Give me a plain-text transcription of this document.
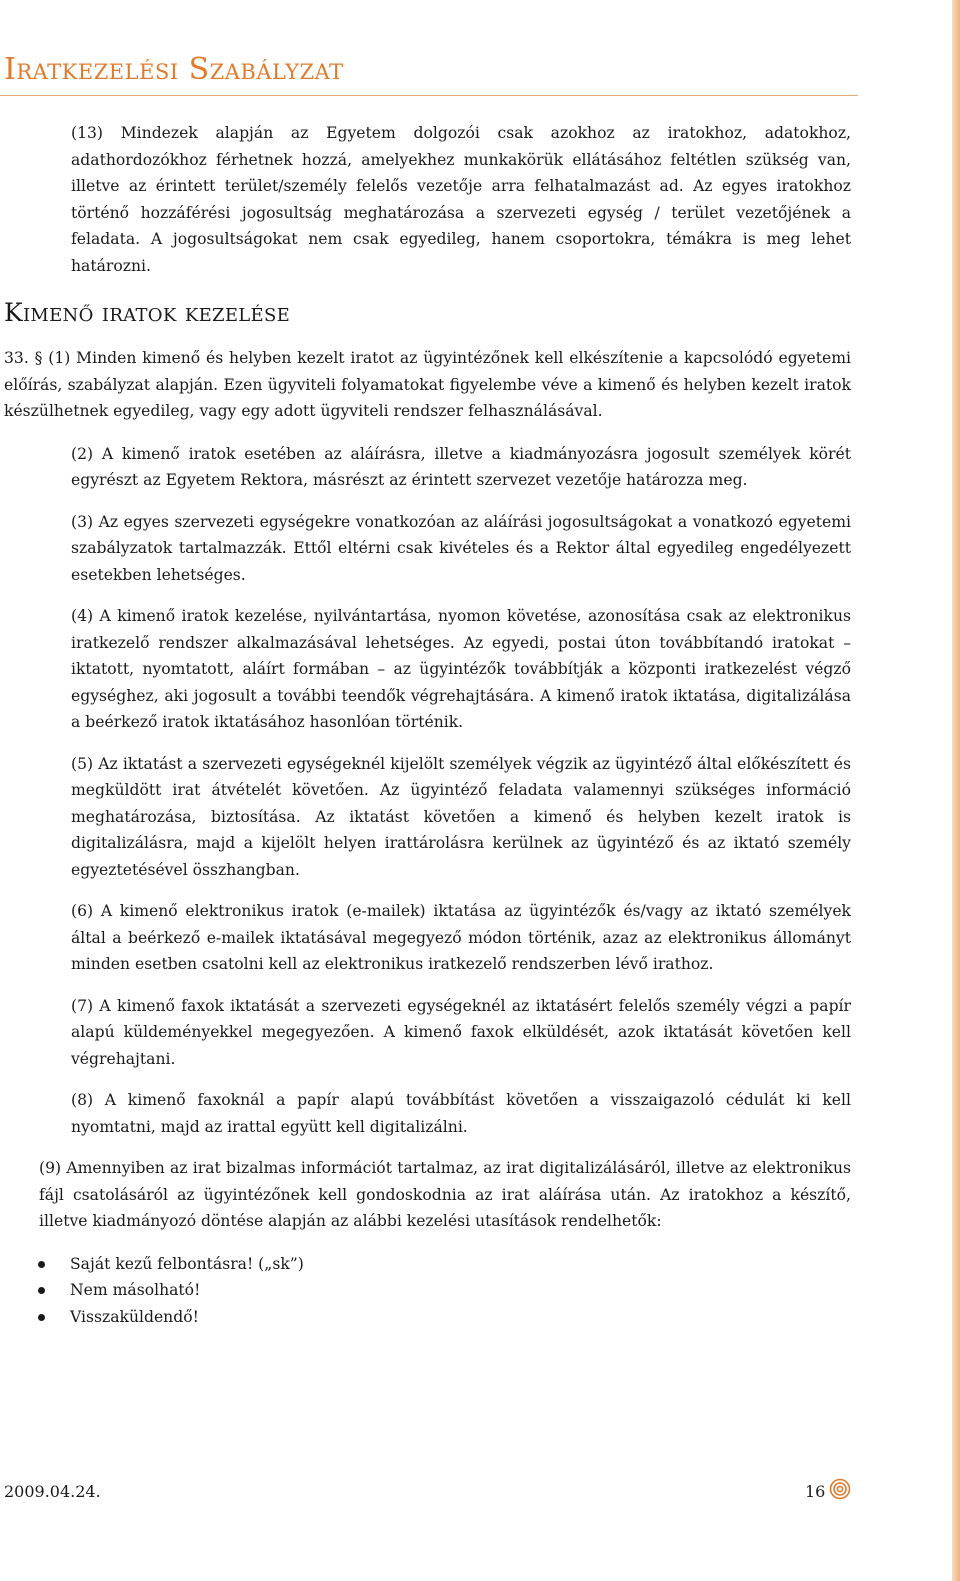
Iratkezelési Szabályzat

(13) Mindezek alapján az Egyetem dolgozói csak azokhoz az iratokhoz, adatokhoz, adathordozókhoz férhetnek hozzá, amelyekhez munkakörük ellátásához feltétlen szükség van, illetve az érintett terület/személy felelős vezetője arra felhatalmazást ad. Az egyes iratokhoz történő hozzáférési jogosultság meghatározása a szervezeti egység / terület vezetőjének a feladata. A jogosultságokat nem csak egyedileg, hanem csoportokra, témákra is meg lehet határozni.

Kimenő iratok kezelése

33. § (1) Minden kimenő és helyben kezelt iratot az ügyintézőnek kell elkészítenie a kapcsolódó egyetemi előírás, szabályzat alapján. Ezen ügyviteli folyamatokat figyelembe véve a kimenő és helyben kezelt iratok készülhetnek egyedileg, vagy egy adott ügyviteli rendszer felhasználásával.

(2) A kimenő iratok esetében az aláírásra, illetve a kiadmányozásra jogosult személyek körét egyrészt az Egyetem Rektora, másrészt az érintett szervezet vezetője határozza meg.

(3) Az egyes szervezeti egységekre vonatkozóan az aláírási jogosultságokat a vonatkozó egyetemi szabályzatok tartalmazzák. Ettől eltérni csak kivételes és a Rektor által egyedileg engedélyezett esetekben lehetséges.

(4) A kimenő iratok kezelése, nyilvántartása, nyomon követése, azonosítása csak az elektronikus iratkezelő rendszer alkalmazásával lehetséges. Az egyedi, postai úton továbbítandó iratokat – iktatott, nyomtatott, aláírt formában – az ügyintézők továbbítják a központi iratkezelést végző egységhez, aki jogosult a további teendők végrehajtására. A kimenő iratok iktatása, digitalizálása a beérkező iratok iktatásához hasonlóan történik.

(5) Az iktatást a szervezeti egységeknél kijelölt személyek végzik az ügyintéző által előkészített és megküldött irat átvételét követően. Az ügyintéző feladata valamennyi szükséges információ meghatározása, biztosítása. Az iktatást követően a kimenő és helyben kezelt iratok is digitalizálásra, majd a kijelölt helyen irattárolásra kerülnek az ügyintéző és az iktató személy egyeztetésével összhangban.

(6) A kimenő elektronikus iratok (e-mailek) iktatása az ügyintézők és/vagy az iktató személyek által a beérkező e-mailek iktatásával megegyező módon történik, azaz az elektronikus állományt minden esetben csatolni kell az elektronikus iratkezelő rendszerben lévő irathoz.

(7) A kimenő faxok iktatását a szervezeti egységeknél az iktatásért felelős személy végzi a papír alapú küldeményekkel megegyezően. A kimenő faxok elküldését, azok iktatását követően kell végrehajtani.

(8) A kimenő faxoknál a papír alapú továbbítást követően a visszaigazoló cédulát ki kell nyomtatni, majd az irattal együtt kell digitalizálni.

(9) Amennyiben az irat bizalmas információt tartalmaz, az irat digitalizálásáról, illetve az elektronikus fájl csatolásáról az ügyintézőnek kell gondoskodnia az irat aláírása után. Az iratokhoz a készítő, illetve kiadmányozó döntése alapján az alábbi kezelési utasítások rendelhetők:

Saját kezű felbontásra! („sk”)
Nem másolható!
Visszaküldendő!
2009.04.24.	16
